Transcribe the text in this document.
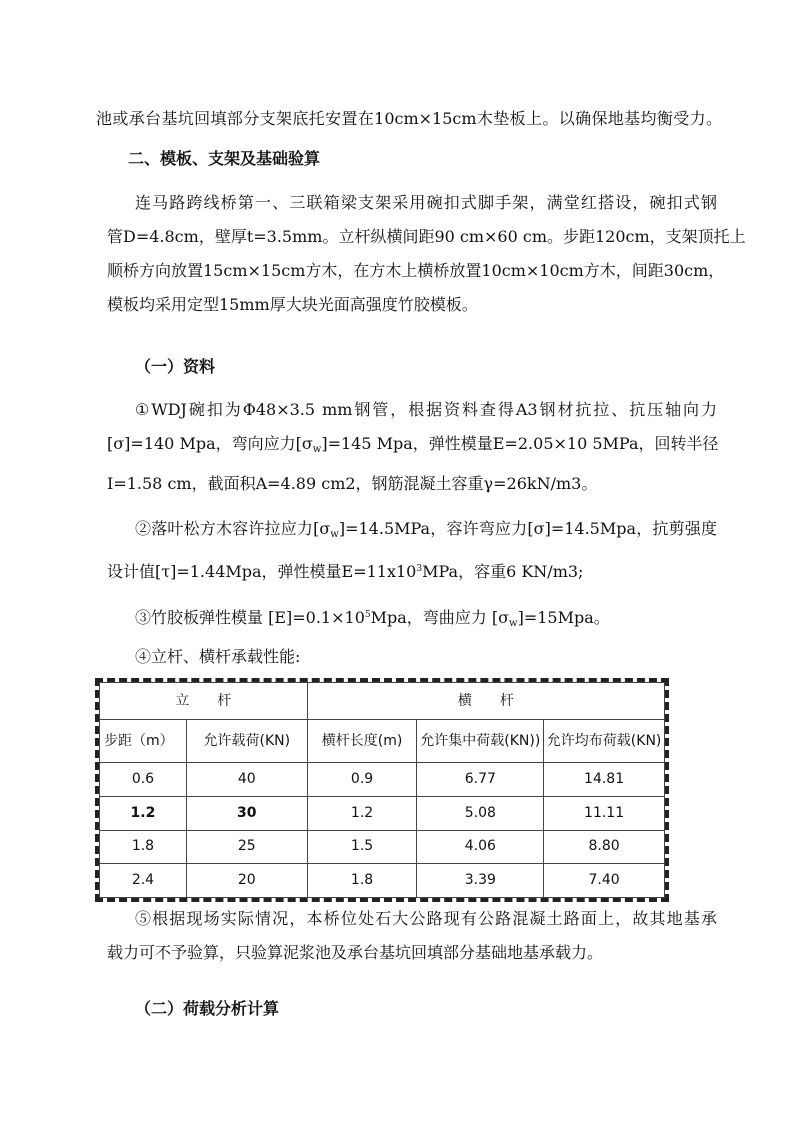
池或承台基坑回填部分支架底托安置在10cm×15cm木垫板上。以确保地基均衡受力。

二、模板、支架及基础验算

连马路跨线桥第一、三联箱梁支架采用碗扣式脚手架，满堂红搭设，碗扣式钢
管D=4.8cm，壁厚t=3.5mm。立杆纵横间距90 cm×60 cm。步距120cm，支架顶托上
顺桥方向放置15cm×15cm方木，在方木上横桥放置10cm×10cm方木，间距30cm，
模板均采用定型15mm厚大块光面高强度竹胶模板。

（一）资料

①WDJ碗扣为Φ48×3.5 mm钢管，根据资料查得A3钢材抗拉、抗压轴向力
[σ]=140 Mpa，弯向应力$[\sigma_w]=145$ Mpa，弹性模量E=2.05×10 5MPa，回转半径
I=1.58 cm，截面积A=4.89 cm2，钢筋混凝土容重γ=26kN/m3。

②落叶松方木容许拉应力$[\sigma_w]=14.5MPa$，容许弯应力[σ]=14.5Mpa，抗剪强度
设计值[τ]=1.44Mpa，弹性模量$E=11x10^3MPa$，容重6 KN/m3;

③竹胶板弹性模量 $[E]=0.1\times 10^5Mpa$，弯曲应力 $[\sigma_w]=15Mpa$。

④立杆、横杆承载性能:

立　　杆		横　　杆		
步距（m）	允许载荷(KN)	横杆长度(m)	允许集中荷载(KN))	允许均布荷载(KN)
0.6	40	0.9	6.77	14.81
1.2	30	1.2	5.08	11.11
1.8	25	1.5	4.06	8.80
2.4	20	1.8	3.39	7.40

⑤根据现场实际情况，本桥位处石大公路现有公路混凝土路面上，故其地基承
载力可不予验算，只验算泥浆池及承台基坑回填部分基础地基承载力。

（二）荷载分析计算
